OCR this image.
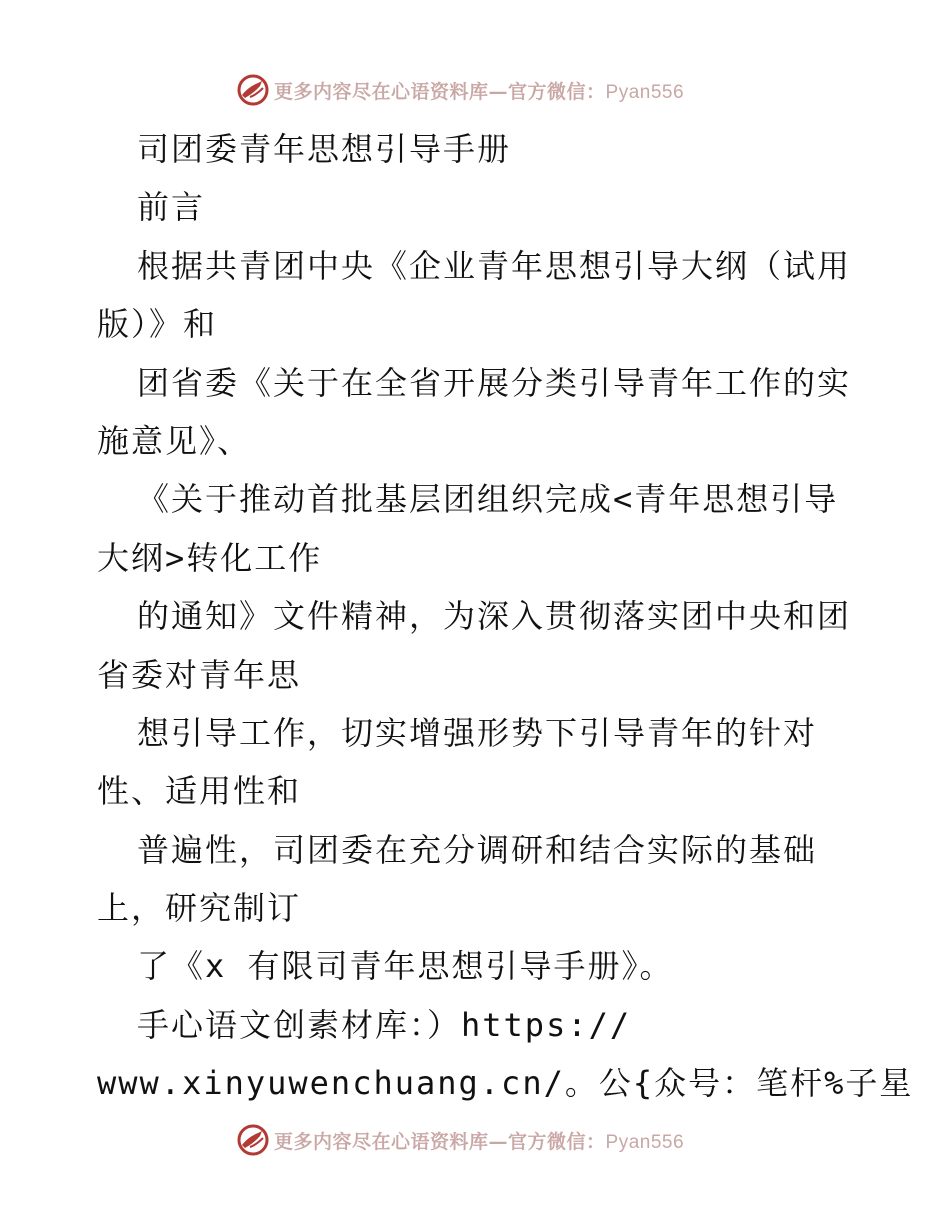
更多内容尽在心语资料库—官方微信：Pyan556
司团委青年思想引导手册
前言
根据共青团中央《企业青年思想引导大纲（试用
版）》和
团省委《关于在全省开展分类引导青年工作的实
施意见》、
《关于推动首批基层团组织完成<青年思想引导
大纲>转化工作
的通知》文件精神，为深入贯彻落实团中央和团
省委对青年思
想引导工作，切实增强形势下引导青年的针对
性、适用性和
普遍性，司团委在充分调研和结合实际的基础
上，研究制订
了《x 有限司青年思想引导手册》。
手心语文创素材库：）https://
www.xinyuwenchuang.cn/。公{众号：笔杆%子星
更多内容尽在心语资料库—官方微信：Pyan556
